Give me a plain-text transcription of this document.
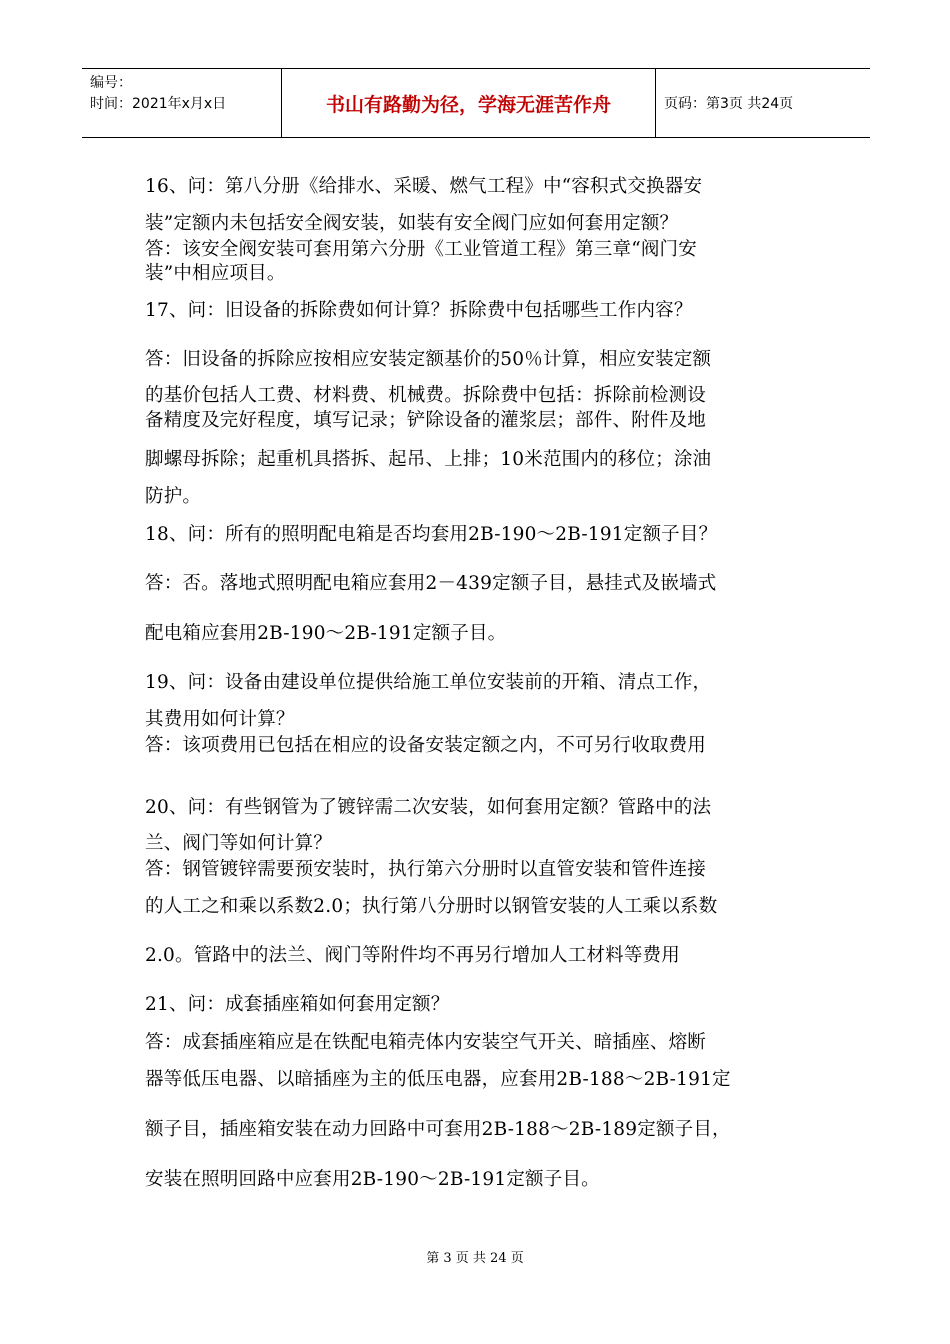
编号：
时间：2021年x月x日	书山有路勤为径，学海无涯苦作舟	页码：第3页 共24页
16、问：第八分册《给排水、采暖、燃气工程》中“容积式交换器安
装”定额内未包括安全阀安装，如装有安全阀门应如何套用定额？
答：该安全阀安装可套用第六分册《工业管道工程》第三章“阀门安
装”中相应项目。
17、问：旧设备的拆除费如何计算？拆除费中包括哪些工作内容？
答：旧设备的拆除应按相应安装定额基价的50％计算，相应安装定额
的基价包括人工费、材料费、机械费。拆除费中包括：拆除前检测设
备精度及完好程度，填写记录；铲除设备的灌浆层；部件、附件及地
脚螺母拆除；起重机具搭拆、起吊、上排；10米范围内的移位；涂油
防护。
18、问：所有的照明配电箱是否均套用2B-190～2B-191定额子目？
答：否。落地式照明配电箱应套用2－439定额子目，悬挂式及嵌墙式
配电箱应套用2B-190～2B-191定额子目。
19、问：设备由建设单位提供给施工单位安装前的开箱、清点工作，
其费用如何计算？
答：该项费用已包括在相应的设备安装定额之内，不可另行收取费用
20、问：有些钢管为了镀锌需二次安装，如何套用定额？管路中的法
兰、阀门等如何计算？
答：钢管镀锌需要预安装时，执行第六分册时以直管安装和管件连接
的人工之和乘以系数2.0；执行第八分册时以钢管安装的人工乘以系数
2.0。管路中的法兰、阀门等附件均不再另行增加人工材料等费用
21、问：成套插座箱如何套用定额？
答：成套插座箱应是在铁配电箱壳体内安装空气开关、暗插座、熔断
器等低压电器、以暗插座为主的低压电器，应套用2B-188～2B-191定
额子目，插座箱安装在动力回路中可套用2B-188～2B-189定额子目，
安装在照明回路中应套用2B-190～2B-191定额子目。
第 3 页 共 24 页
